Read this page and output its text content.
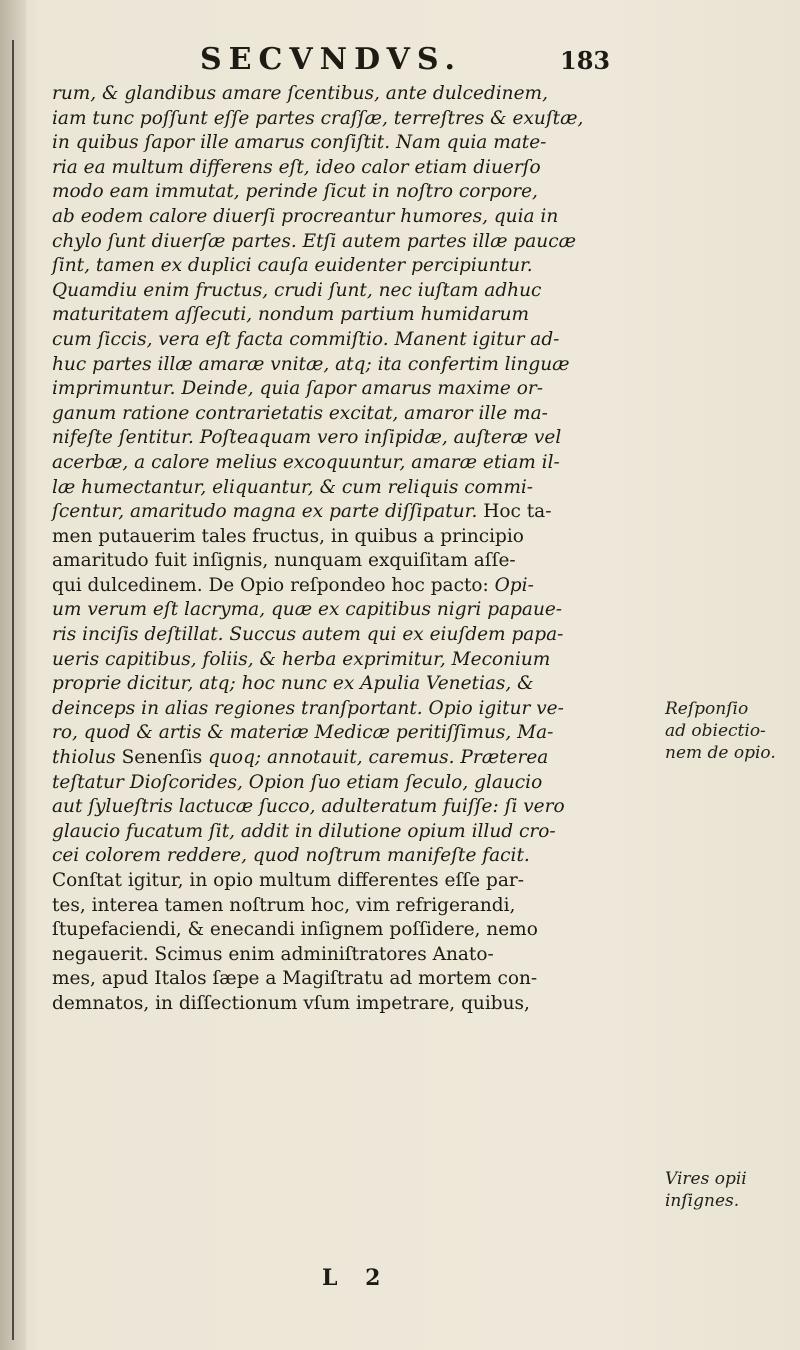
SECVNDVS.	183
rum, & glandibus amare ſcentibus, ante dulcedinem,
iam tunc poſſunt eſſe partes craſſæ, terreſtres & exuſtæ,
in quibus ſapor ille amarus conſiſtit. Nam quia mate-
ria ea multum differens eſt, ideo calor etiam diuerſo
modo eam immutat, perinde ſicut in noſtro corpore,
ab eodem calore diuerſi procreantur humores, quia in
chylo ſunt diuerſæ partes. Etſi autem partes illæ paucæ
ſint, tamen ex duplici cauſa euidenter percipiuntur.
Quamdiu enim fructus, crudi ſunt, nec iuſtam adhuc
maturitatem aſſecuti, nondum partium humidarum
cum ſiccis, vera eſt facta commiſtio. Manent igitur ad-
huc partes illæ amaræ vnitæ, atq; ita confertim linguæ
imprimuntur. Deinde, quia ſapor amarus maxime or-
ganum ratione contrarietatis excitat, amaror ille ma-
nifeſte ſentitur. Poſteaquam vero inſipidæ, auſteræ vel
acerbæ, a calore melius excoquuntur, amaræ etiam il-
læ humectantur, eliquantur, & cum reliquis commi-
ſcentur, amaritudo magna ex parte diſſipatur. Hoc ta-
men putauerim tales fructus, in quibus a principio
amaritudo fuit inſignis, nunquam exquiſitam aſſe-
qui dulcedinem. De Opio reſpondeo hoc pacto: Opi-
um verum eſt lacryma, quæ ex capitibus nigri papaue-
ris inciſis deſtillat. Succus autem qui ex eiuſdem papa-
ueris capitibus, foliis, & herba exprimitur, Meconium
proprie dicitur, atq; hoc nunc ex Apulia Venetias, &
deinceps in alias regiones tranſportant. Opio igitur ve-
ro, quod & artis & materiæ Medicæ peritiſſimus, Ma-
thiolus Senenſis quoq; annotauit, caremus. Præterea
teſtatur Dioſcorides, Opion ſuo etiam ſeculo, glaucio
aut ſylueſtris lactucæ ſucco, adulteratum fuiſſe: ſi vero
glaucio fucatum ſit, addit in dilutione opium illud cro-
cei colorem reddere, quod noſtrum manifeſte facit.
Conſtat igitur, in opio multum differentes eſſe par-
tes, interea tamen noſtrum hoc, vim refrigerandi,
ſtupefaciendi, & enecandi inſignem poſſidere, nemo
negauerit. Scimus enim adminiſtratores Anato-
mes, apud Italos ſæpe a Magiſtratu ad mortem con-
demnatos, in diſſectionum vſum impetrare, quibus,
Reſponſio
ad obiectio-
nem de opio.
Vires opii
inſignes.
L 2
